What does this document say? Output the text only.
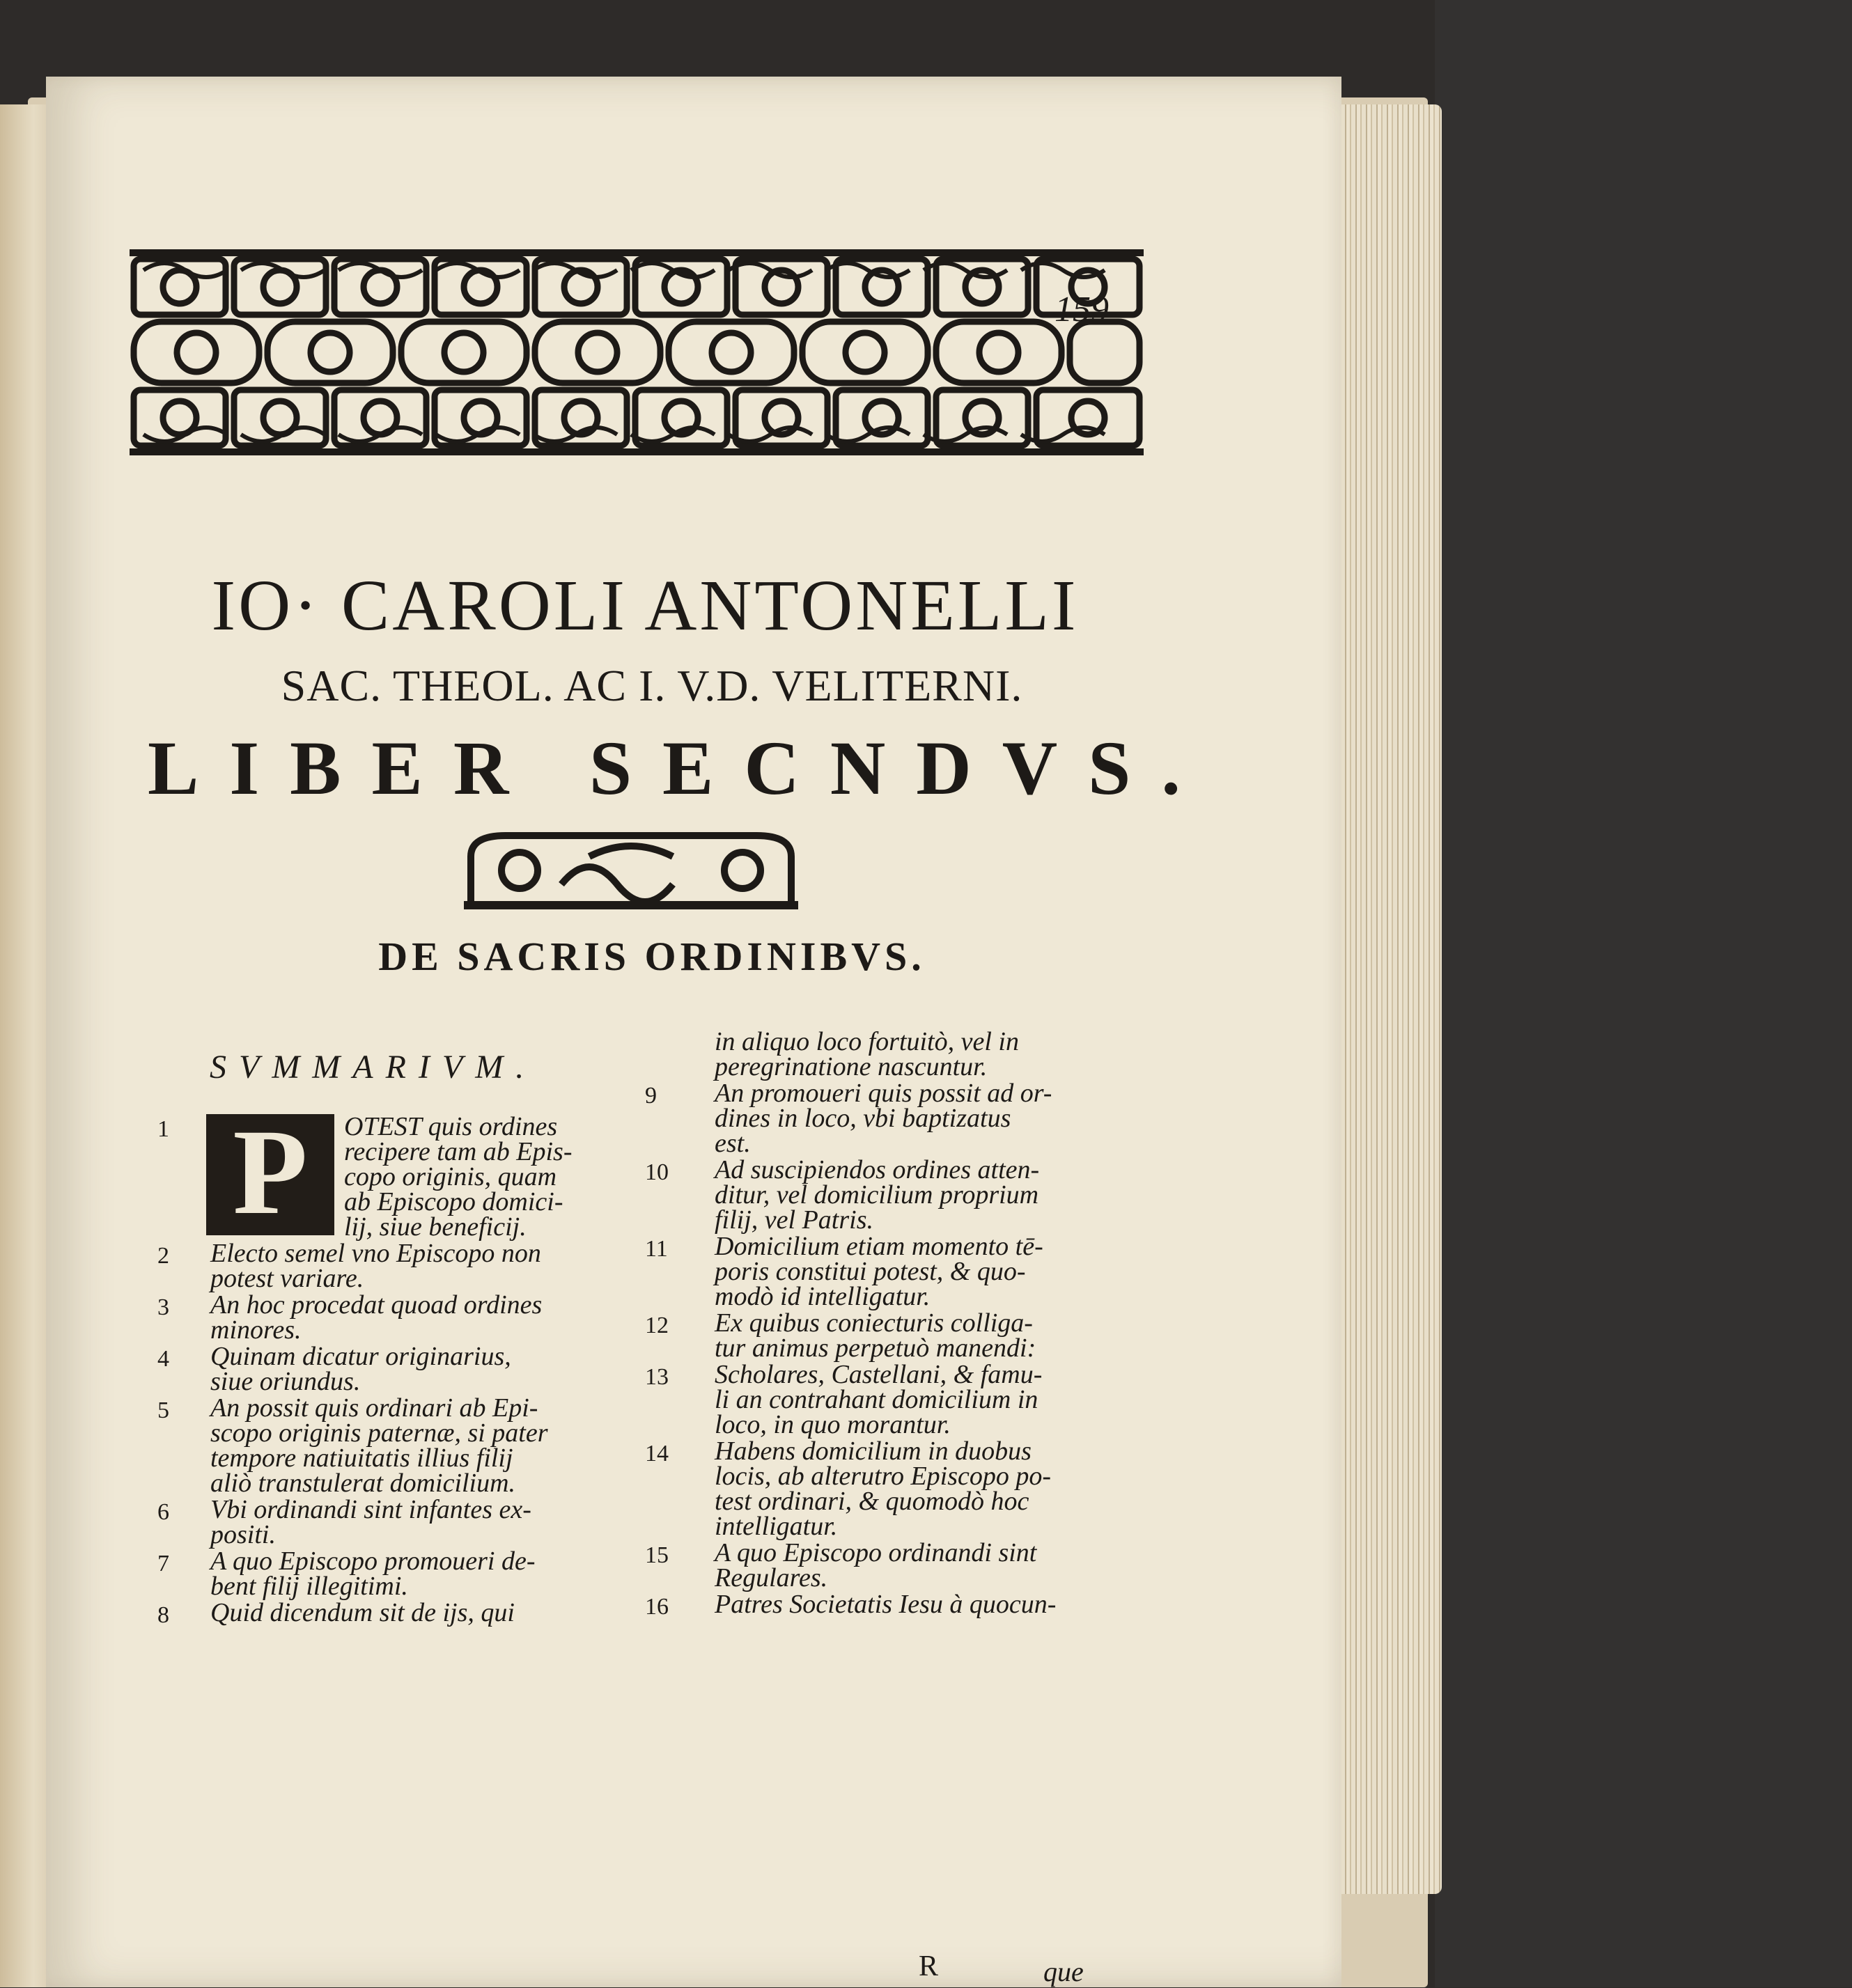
159
IO· CAROLI ANTONELLI
SAC. THEOL. AC I. V.D. VELITERNI.
LIBER SECNDVS.
DE SACRIS ORDINIBVS.
SVMMARIVM.
1 P	OTEST quis ordines
recipere tam ab Epis-
copo originis, quam
ab Episcopo domici-
lij, siue beneficij.
2 Electo semel vno Episcopo non
potest variare.
3 An hoc procedat quoad ordines
minores.
4 Quinam dicatur originarius,
siue oriundus.
5 An possit quis ordinari ab Epi-
scopo originis paternæ, si pater
tempore natiuitatis illius filij
aliò transtulerat domicilium.
6 Vbi ordinandi sint infantes ex-
positi.
7 A quo Episcopo promoueri de-
bent filij illegitimi.
8 Quid dicendum sit de ijs, qui
in aliquo loco fortuitò, vel in
peregrinatione nascuntur.
9 An promoueri quis possit ad or-
dines in loco, vbi baptizatus
est.
10 Ad suscipiendos ordines atten-
ditur, vel domicilium proprium
filij, vel Patris.
11 Domicilium etiam momento tē-
poris constitui potest, & quo-
modò id intelligatur.
12 Ex quibus coniecturis colliga-
tur animus perpetuò manendi:
13 Scholares, Castellani, & famu-
li an contrahant domicilium in
loco, in quo morantur.
14 Habens domicilium in duobus
locis, ab alterutro Episcopo po-
test ordinari, & quomodò hoc
intelligatur.
15 A quo Episcopo ordinandi sint
Regulares.
16 Patres Societatis Iesu à quocun-
R	que
